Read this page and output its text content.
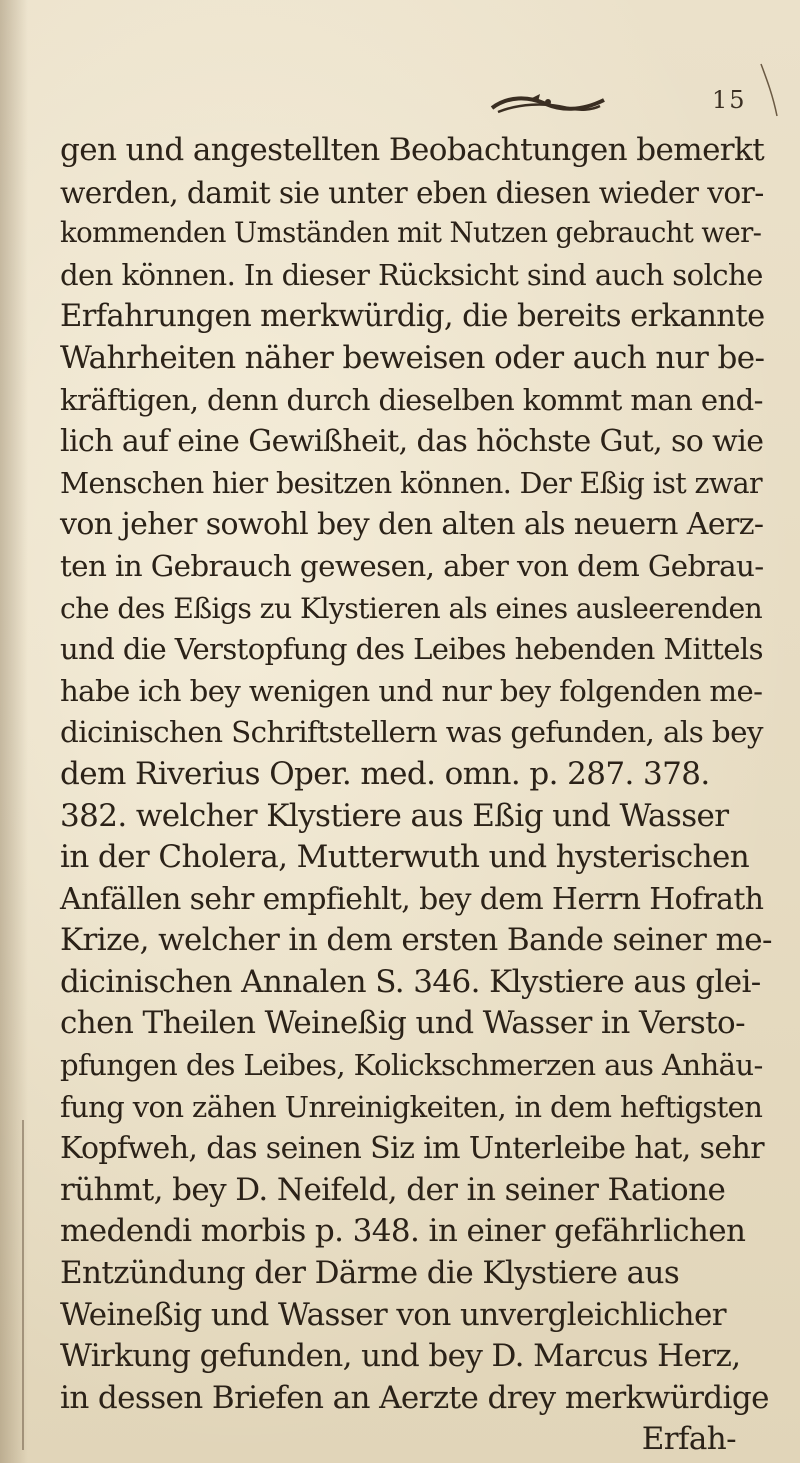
15
gen und angestellten Beobachtungen bemerkt
werden, damit sie unter eben diesen wieder vor-
kommenden Umständen mit Nutzen gebraucht wer-
den können. In dieser Rücksicht sind auch solche
Erfahrungen merkwürdig, die bereits erkannte
Wahrheiten näher beweisen oder auch nur be-
kräftigen, denn durch dieselben kommt man end-
lich auf eine Gewißheit, das höchste Gut, so wie
Menschen hier besitzen können. Der Eßig ist zwar
von jeher sowohl bey den alten als neuern Aerz-
ten in Gebrauch gewesen, aber von dem Gebrau-
che des Eßigs zu Klystieren als eines ausleerenden
und die Verstopfung des Leibes hebenden Mittels
habe ich bey wenigen und nur bey folgenden me-
dicinischen Schriftstellern was gefunden, als bey
dem Riverius Oper. med. omn. p. 287. 378.
382. welcher Klystiere aus Eßig und Wasser
in der Cholera, Mutterwuth und hysterischen
Anfällen sehr empfiehlt, bey dem Herrn Hofrath
Krize, welcher in dem ersten Bande seiner me-
dicinischen Annalen S. 346. Klystiere aus glei-
chen Theilen Weineßig und Wasser in Versto-
pfungen des Leibes, Kolickschmerzen aus Anhäu-
fung von zähen Unreinigkeiten, in dem heftigsten
Kopfweh, das seinen Siz im Unterleibe hat, sehr
rühmt, bey D. Neifeld, der in seiner Ratione
medendi morbis p. 348. in einer gefährlichen
Entzündung der Därme die Klystiere aus
Weineßig und Wasser von unvergleichlicher
Wirkung gefunden, und bey D. Marcus Herz,
in dessen Briefen an Aerzte drey merkwürdige
Erfah-
